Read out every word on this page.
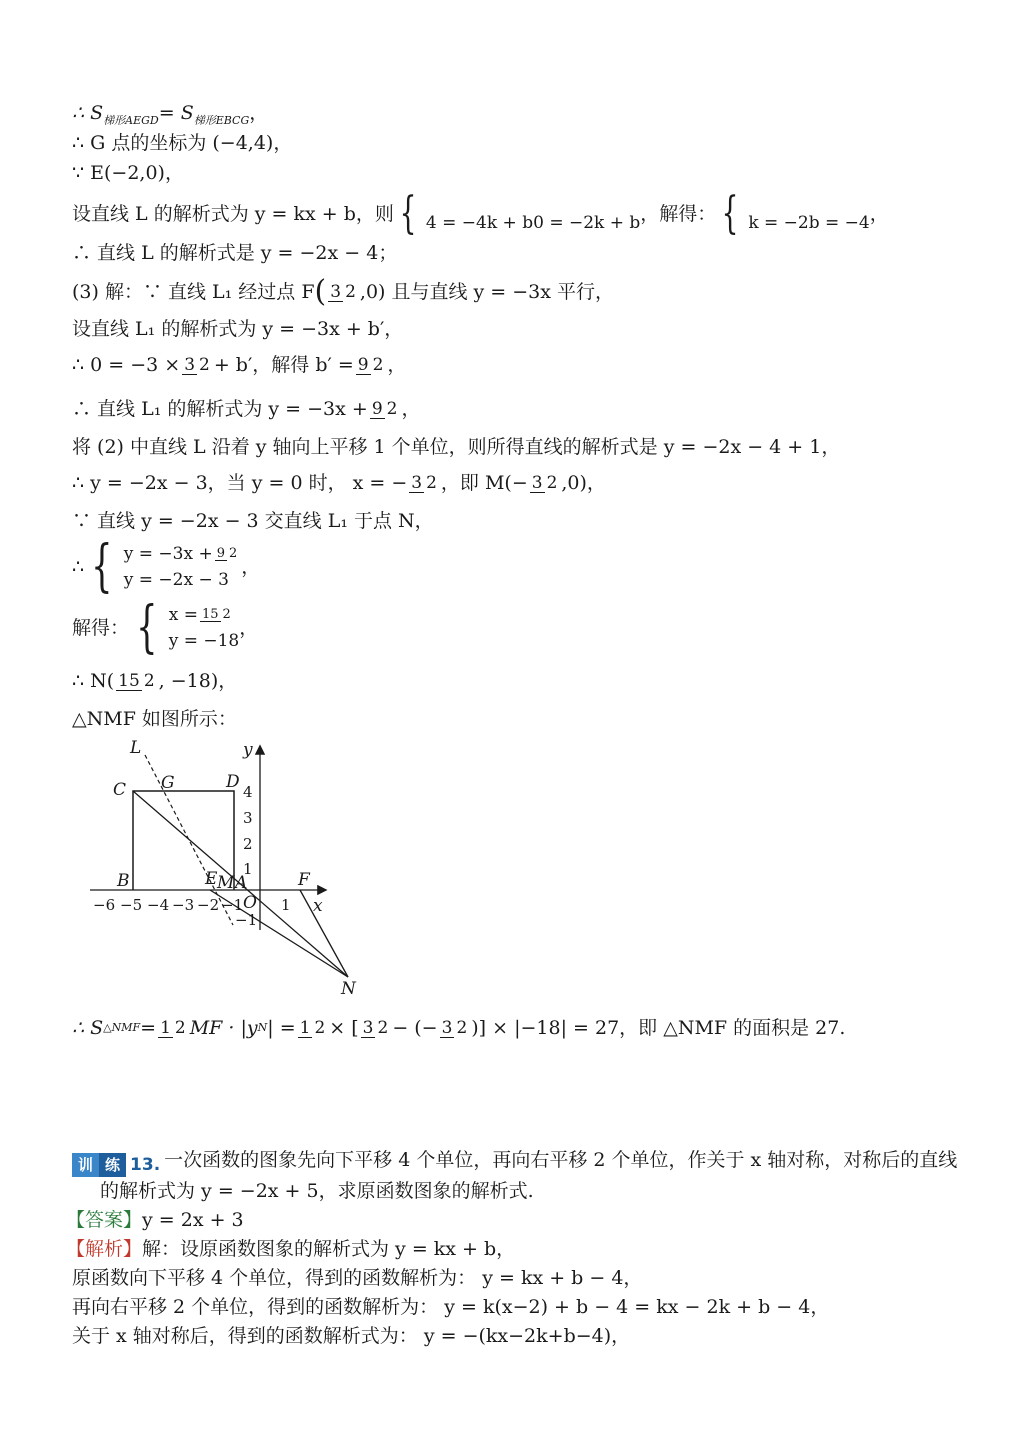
∴ S梯形AEGD= S梯形EBCG，
∴ G 点的坐标为 (−4,4)，
∵ E(−2,0)，
设直线 L 的解析式为 y = kx + b，则 { 4 = −4k + b0 = −2k + b ，解得： { k = −2b = −4 ，
∴ 直线 L 的解析式是 y = −2x − 4；
(3) 解：∵ 直线 L₁ 经过点 F ( 3 2 ,0) 且与直线 y = −3x 平行，
设直线 L₁ 的解析式为 y = −3x + b′，
∴ 0 = −3 × 3 2 + b′，解得 b′ = 9 2 ，
∴ 直线 L₁ 的解析式为 y = −3x + 9 2 ，
将 (2) 中直线 L 沿着 y 轴向上平移 1 个单位，则所得直线的解析式是 y = −2x − 4 + 1，
∴ y = −2x − 3，当 y = 0 时， x = − 3 2 ，即 M(− 3 2 ,0)，
∵ 直线 y = −2x − 3 交直线 L₁ 于点 N，
∴ { y = −3x + 9 2
y = −2x − 3
，
解得： { x = 15 2
y = −18
，
∴ N( 15 2 , −18)，
△NMF 如图所示：
4
3
2
1
−1
−6 −5 −4 −3 −2 −1	1
L	y
C G	D
B	E M A	F
O	x
N
∴ S △NMF = 1 2 MF · |y N | = 1 2 × [ 3 2 − (− 3 2 )] × |−18| = 27，即 △NMF 的面积是 27.
训 练 13. 一次函数的图象先向下平移 4 个单位，再向右平移 2 个单位，作关于 x 轴对称，对称后的直线
的解析式为 y = −2x + 5，求原函数图象的解析式.
【答案】y = 2x + 3
【解析】解：设原函数图象的解析式为 y = kx + b，
原函数向下平移 4 个单位，得到的函数解析为： y = kx + b − 4，
再向右平移 2 个单位，得到的函数解析为： y = k(x−2) + b − 4 = kx − 2k + b − 4，
关于 x 轴对称后，得到的函数解析式为： y = −(kx−2k+b−4)，
